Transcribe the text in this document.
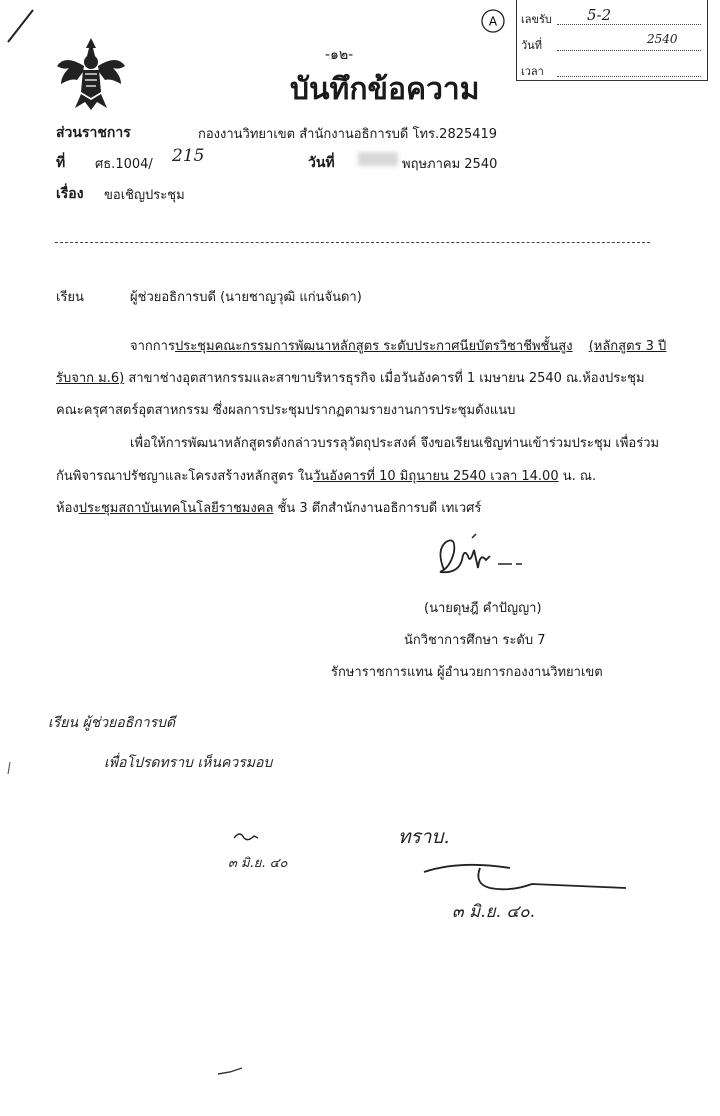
A เลขรับ 5-2
วันที่	2540
เวลา
-๑๒-
บันทึกข้อความ
ส่วนราชการ	กองงานวิทยาเขต สำนักงานอธิการบดี โทร.2825419
ที่ ศธ.1004/ 215	วันที่	พฤษภาคม 2540
เรื่อง ขอเชิญประชุม
เรียน	ผู้ช่วยอธิการบดี (นายชาญวุฒิ แก่นจันดา)
จากการประชุมคณะกรรมการพัฒนาหลักสูตร ระดับประกาศนียบัตรวิชาชีพชั้นสูง (หลักสูตร 3 ปี
รับจาก ม.6) สาขาช่างอุตสาหกรรมและสาขาบริหารธุรกิจ เมื่อวันอังคารที่ 1 เมษายน 2540 ณ.ห้องประชุม
คณะครุศาสตร์อุตสาหกรรม ซึ่งผลการประชุมปรากฏตามรายงานการประชุมดังแนบ
เพื่อให้การพัฒนาหลักสูตรดังกล่าวบรรลุวัตถุประสงค์ จึงขอเรียนเชิญท่านเข้าร่วมประชุม เพื่อร่วม
กันพิจารณาปรัชญาและโครงสร้างหลักสูตร ในวันอังคารที่ 10 มิถุนายน 2540 เวลา 14.00 น. ณ.
ห้องประชุมสถาบันเทคโนโลยีราชมงคล ชั้น 3 ตึกสำนักงานอธิการบดี เทเวศร์
(นายดุษฎี คำปัญญา)
นักวิชาการศึกษา ระดับ 7
รักษาราชการแทน ผู้อำนวยการกองงานวิทยาเขต
เรียน ผู้ช่วยอธิการบดี
เพื่อโปรดทราบ เห็นควรมอบ
๓ มิ.ย. ๔๐
ทราบ.
๓ มิ.ย. ๔๐.
